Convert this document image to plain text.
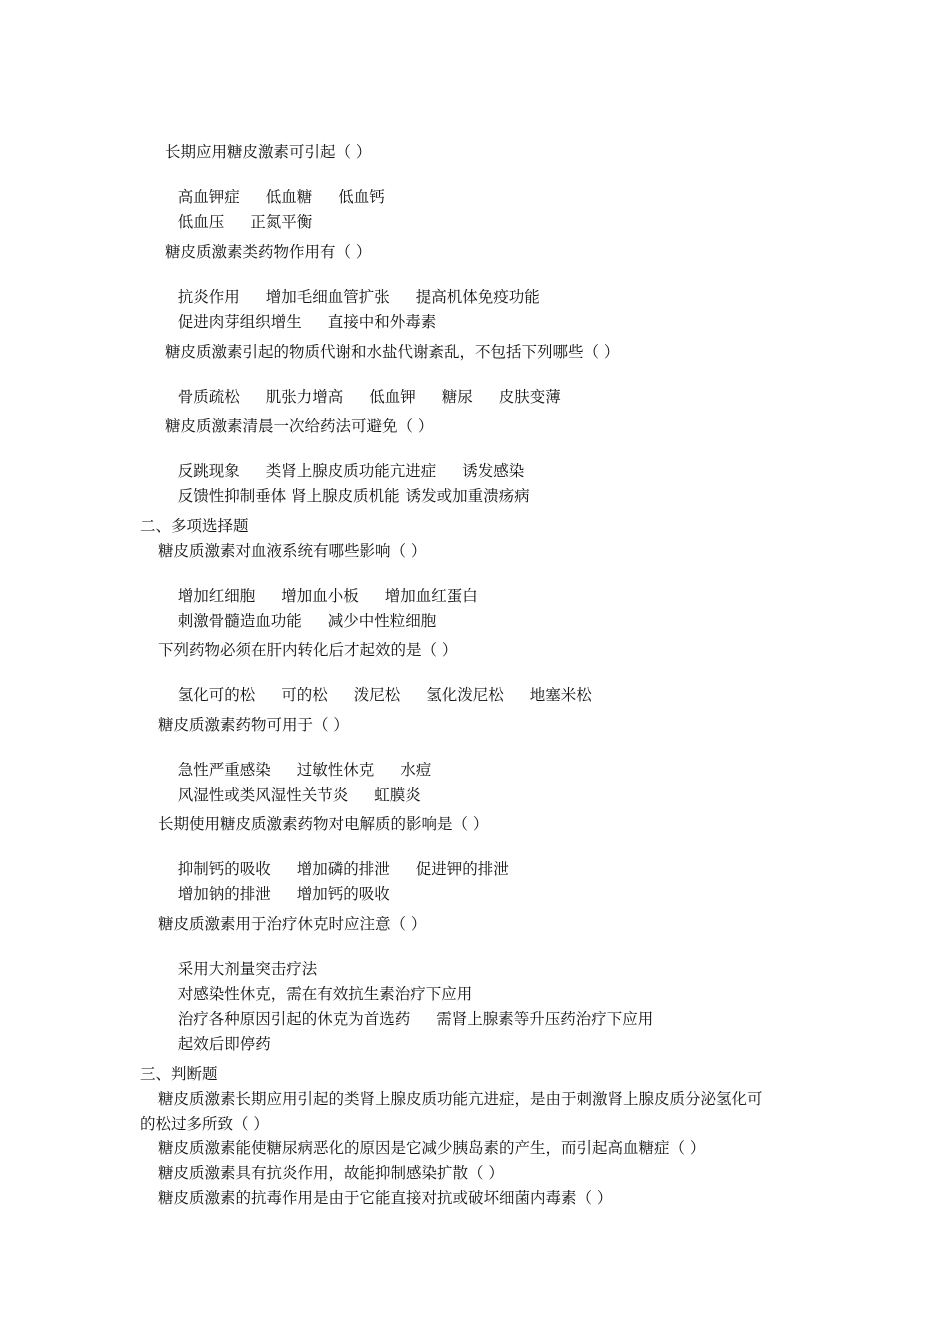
长期应用糖皮激素可引起（ ）

高血钾症 低血糖 低血钙

低血压 正氮平衡

糖皮质激素类药物作用有（ ）

抗炎作用 增加毛细血管扩张 提高机体免疫功能

促进肉芽组织增生 直接中和外毒素

糖皮质激素引起的物质代谢和水盐代谢紊乱，不包括下列哪些（ ）

骨质疏松 肌张力增高 低血钾 糖尿 皮肤变薄

糖皮质激素清晨一次给药法可避免（ ）

反跳现象 类肾上腺皮质功能亢进症 诱发感染

反馈性抑制垂体 肾上腺皮质机能 诱发或加重溃疡病

二、多项选择题
糖皮质激素对血液系统有哪些影响（ ）

增加红细胞 增加血小板 增加血红蛋白

刺激骨髓造血功能 减少中性粒细胞

下列药物必须在肝内转化后才起效的是（ ）

氢化可的松 可的松 泼尼松 氢化泼尼松 地塞米松

糖皮质激素药物可用于（ ）

急性严重感染 过敏性休克 水痘

风湿性或类风湿性关节炎 虹膜炎

长期使用糖皮质激素药物对电解质的影响是（ ）

抑制钙的吸收 增加磷的排泄 促进钾的排泄

增加钠的排泄 增加钙的吸收

糖皮质激素用于治疗休克时应注意（ ）

采用大剂量突击疗法

对感染性休克，需在有效抗生素治疗下应用

治疗各种原因引起的休克为首选药 需肾上腺素等升压药治疗下应用

起效后即停药

三、判断题
糖皮质激素长期应用引起的类肾上腺皮质功能亢进症，是由于刺激肾上腺皮质分泌氢化可
的松过多所致（ ）
糖皮质激素能使糖尿病恶化的原因是它减少胰岛素的产生，而引起高血糖症（ ）
糖皮质激素具有抗炎作用，故能抑制感染扩散（ ）
糖皮质激素的抗毒作用是由于它能直接对抗或破坏细菌内毒素（ ）
